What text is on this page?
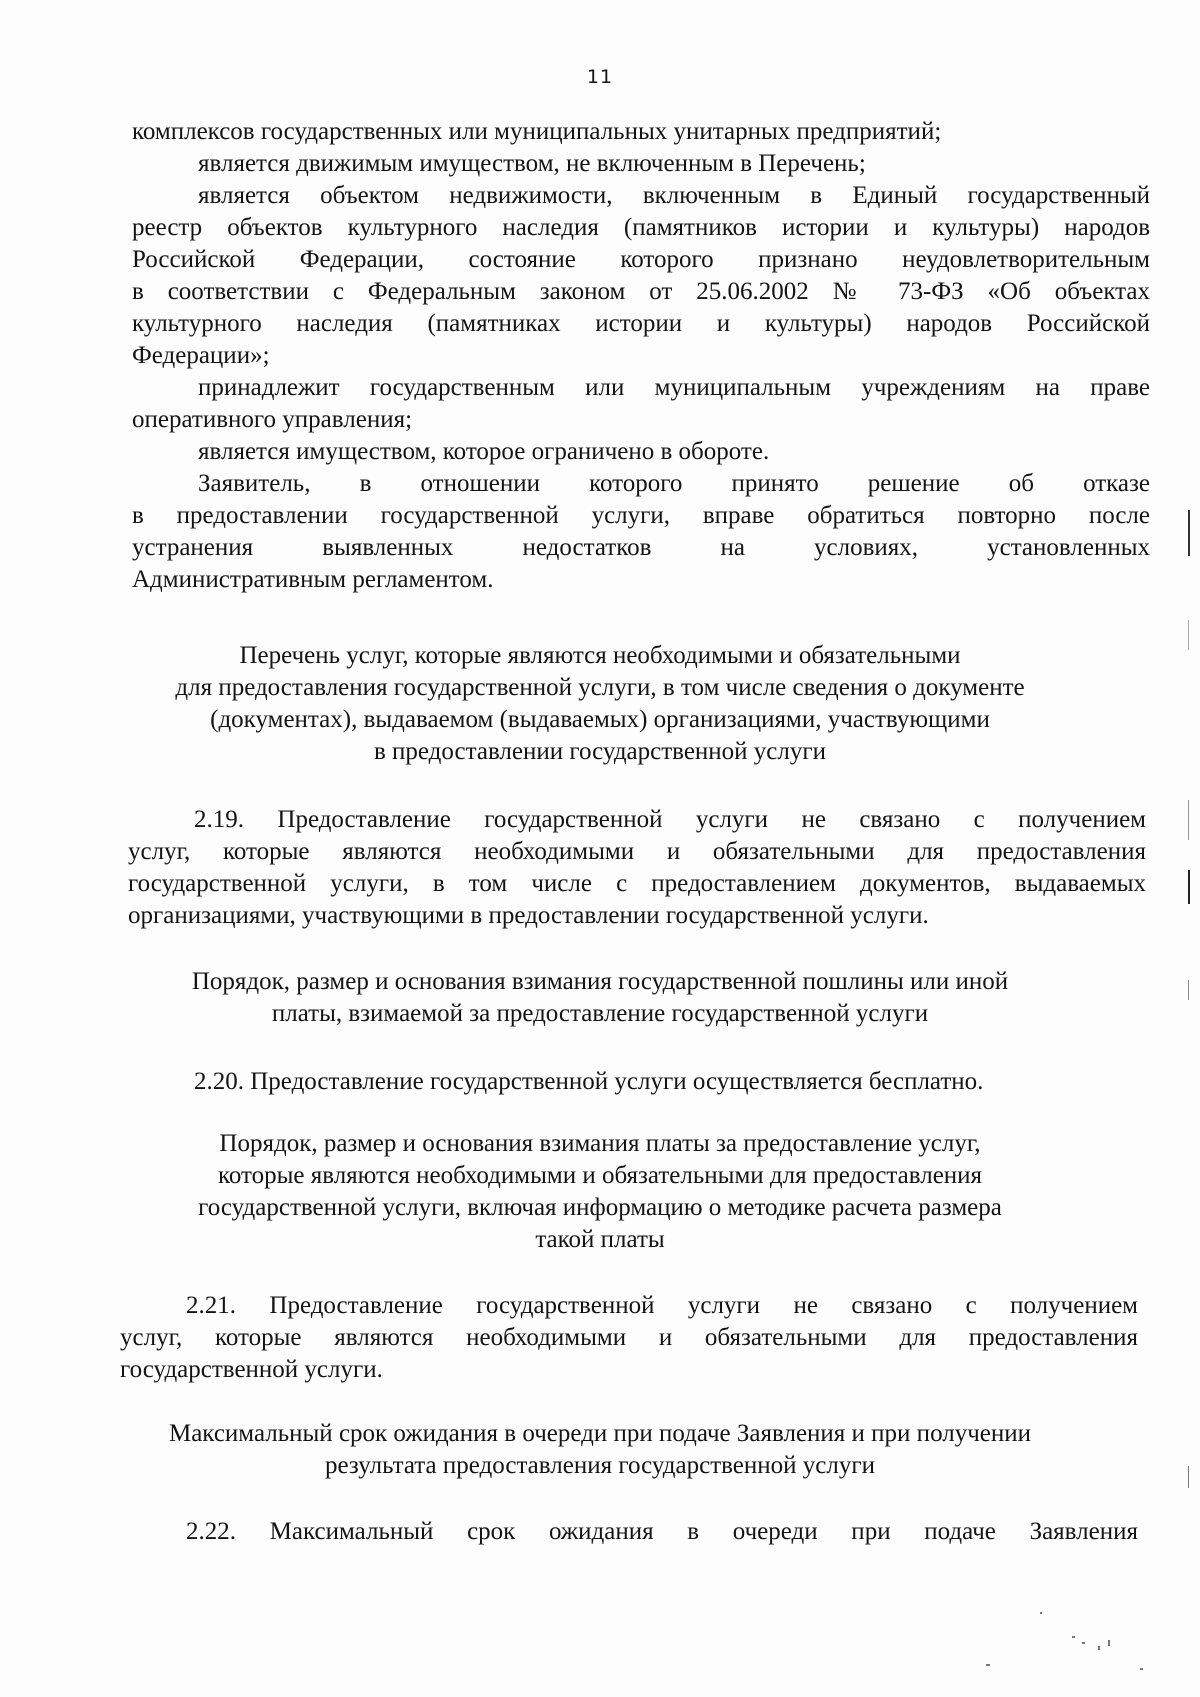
11
комплексов государственных или муниципальных унитарных предприятий;
является движимым имуществом, не включенным в Перечень;
является объектом недвижимости, включенным в Единый государственный
реестр объектов культурного наследия (памятников истории и культуры) народов
Российской Федерации, состояние которого признано неудовлетворительным
в соответствии с Федеральным законом от 25.06.2002 № 73-ФЗ «Об объектах
культурного наследия (памятниках истории и культуры) народов Российской
Федерации»;
принадлежит государственным или муниципальным учреждениям на праве
оперативного управления;
является имуществом, которое ограничено в обороте.
Заявитель, в отношении которого принято решение об отказе
в предоставлении государственной услуги, вправе обратиться повторно после
устранения выявленных недостатков на условиях, установленных
Административным регламентом.
Перечень услуг, которые являются необходимыми и обязательными
для предоставления государственной услуги, в том числе сведения о документе
(документах), выдаваемом (выдаваемых) организациями, участвующими
в предоставлении государственной услуги
2.19. Предоставление государственной услуги не связано с получением
услуг, которые являются необходимыми и обязательными для предоставления
государственной услуги, в том числе с предоставлением документов, выдаваемых
организациями, участвующими в предоставлении государственной услуги.
Порядок, размер и основания взимания государственной пошлины или иной
платы, взимаемой за предоставление государственной услуги
2.20. Предоставление государственной услуги осуществляется бесплатно.
Порядок, размер и основания взимания платы за предоставление услуг,
которые являются необходимыми и обязательными для предоставления
государственной услуги, включая информацию о методике расчета размера
такой платы
2.21. Предоставление государственной услуги не связано с получением
услуг, которые являются необходимыми и обязательными для предоставления
государственной услуги.
Максимальный срок ожидания в очереди при подаче Заявления и при получении
результата предоставления государственной услуги
2.22. Максимальный срок ожидания в очереди при подаче Заявления
